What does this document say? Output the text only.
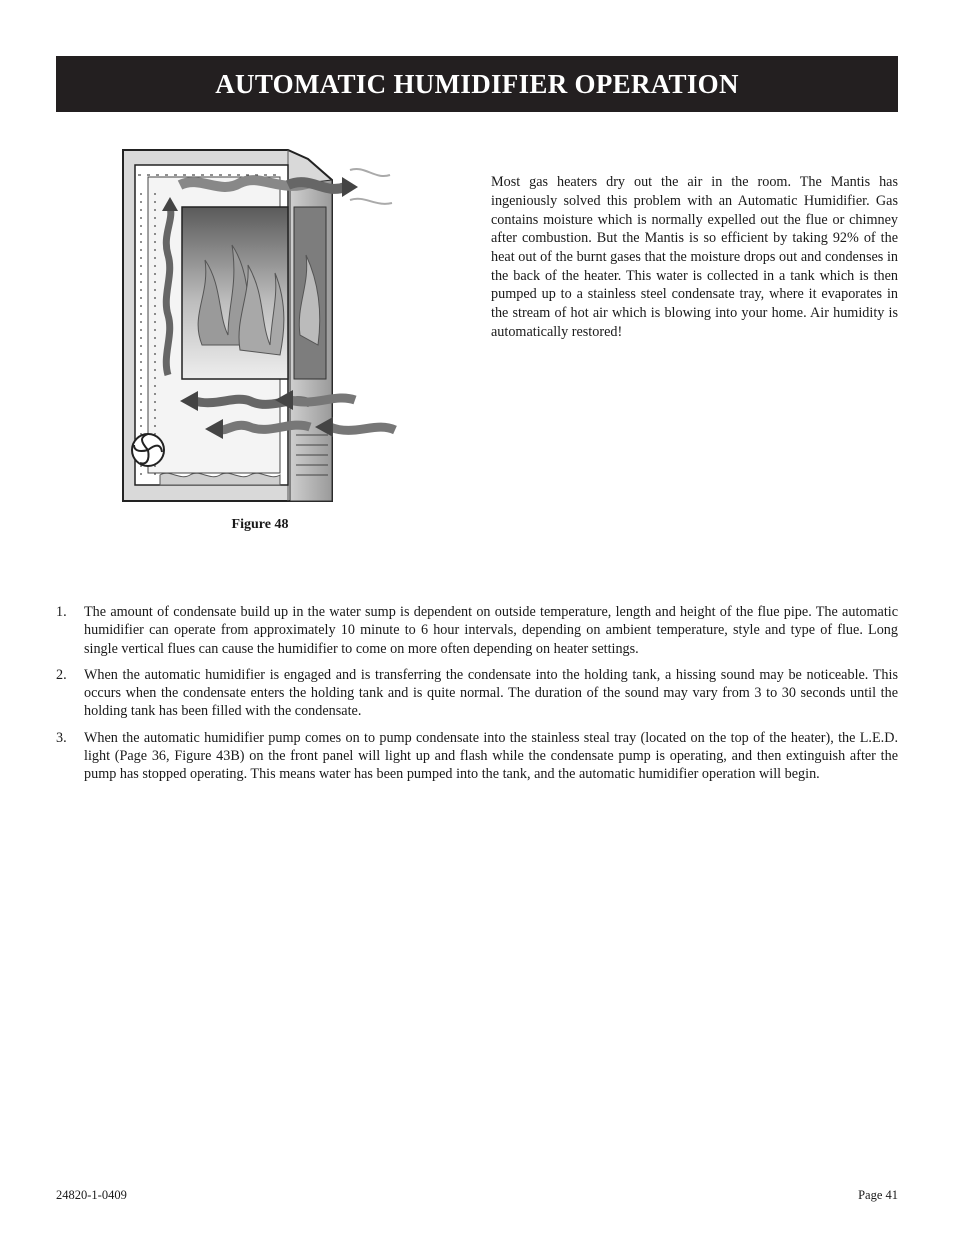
AUTOMATIC HUMIDIFIER OPERATION
Figure 48

Most gas heaters dry out the air in the room. The Mantis has ingeniously solved this problem with an Automatic Humidifier. Gas contains moisture which is normally expelled out the flue or chimney after combustion. But the Mantis is so efficient by taking 92% of the heat out of the burnt gases that the moisture drops out and condenses in the back of the heater. This water is collected in a tank which is then pumped up to a stainless steel condensate tray, where it evaporates in the stream of hot air which is blowing into your home. Air humidity is automatically restored!

1.	The amount of condensate build up in the water sump is dependent on outside temperature, length and height of the flue pipe. The automatic humidifier can operate from approximately 10 minute to 6 hour intervals, depending on ambient temperature, style and type of flue. Long single vertical flues can cause the humidifier to come on more often depending on heater settings.
2.	When the automatic humidifier is engaged and is transferring the condensate into the holding tank, a hissing sound may be noticeable. This occurs when the condensate enters the holding tank and is quite normal. The duration of the sound may vary from 3 to 30 seconds until the holding tank has been filled with the condensate.
3.	When the automatic humidifier pump comes on to pump condensate into the stainless steal tray (located on the top of the heater), the L.E.D. light (Page 36, Figure 43B) on the front panel will light up and flash while the condensate pump is operating, and then extinguish after the pump has stopped operating. This means water has been pumped into the tank, and the automatic humidifier operation will begin.
24820-1-0409	Page 41
